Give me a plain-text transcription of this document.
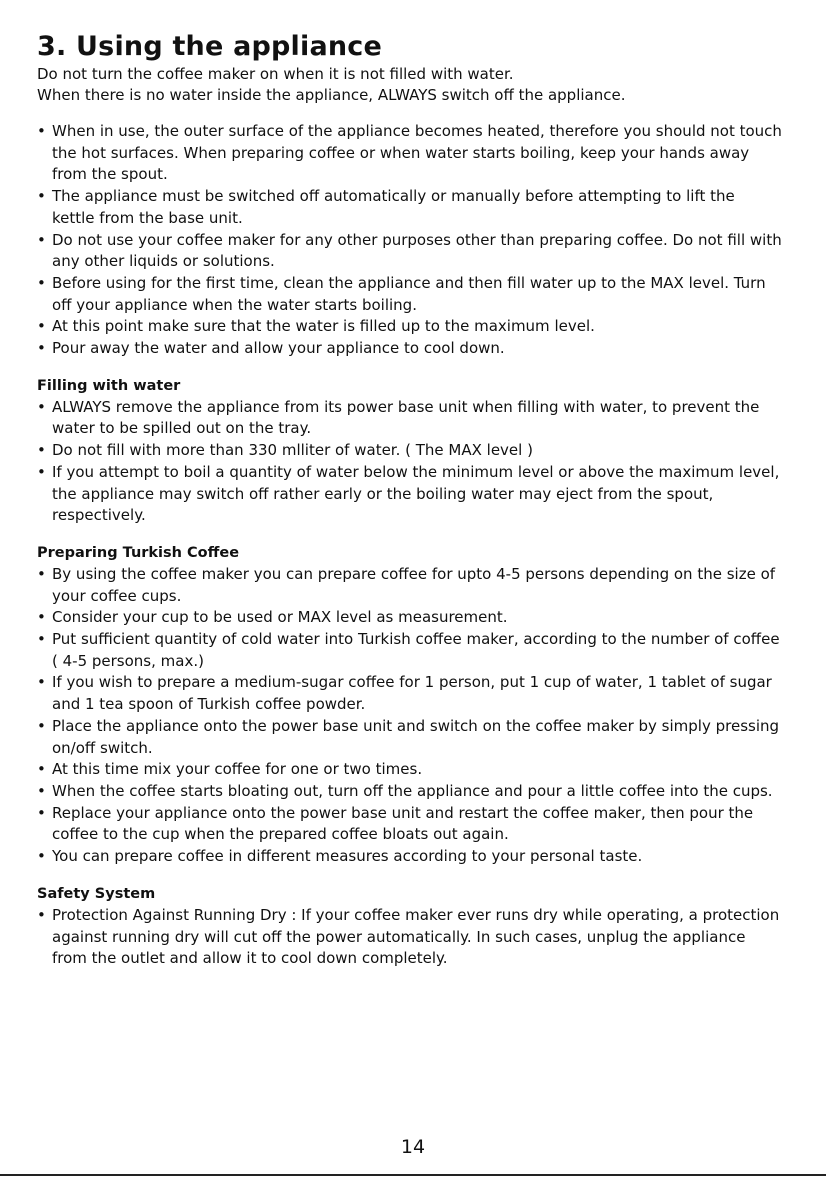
3. Using the appliance

Do not turn the coffee maker on when it is not filled with water.

When there is no water inside the appliance, ALWAYS switch off the appliance.

• When in use, the outer surface of the appliance becomes heated, therefore you should not touch the hot surfaces. When preparing coffee or when water starts boiling, keep your hands away from the spout.
• The appliance must be switched off automatically or manually before attempting to lift the kettle from the base unit.
• Do not use your coffee maker for any other purposes other than preparing coffee. Do not fill with any other liquids or solutions.
• Before using for the first time, clean the appliance and then fill water up to the MAX level. Turn off your appliance when the water starts boiling.
• At this point make sure that the water is filled up to the maximum level.
• Pour away the water and allow your appliance to cool down.
Filling with water
• ALWAYS remove the appliance from its power base unit when filling with water, to prevent the water to be spilled out on the tray.
• Do not fill with more than 330 mlliter of water. ( The MAX level )
• If you attempt to boil a quantity of water below the minimum level or above the maximum level, the appliance may switch off rather early or the boiling water may eject from the spout, respectively.
Preparing Turkish Coffee
• By using the coffee maker you can prepare coffee for upto 4-5 persons depending on the size of your coffee cups.
• Consider your cup to be used or MAX level as measurement.
• Put sufficient quantity of cold water into Turkish coffee maker, according to the number of coffee ( 4-5 persons, max.)
• If you wish to prepare a medium-sugar coffee for 1 person, put 1 cup of water, 1 tablet of sugar and 1 tea spoon of Turkish coffee powder.
• Place the appliance onto the power base unit and switch on the coffee maker by simply pressing on/off switch.
• At this time mix your coffee for one or two times.
• When the coffee starts bloating out, turn off the appliance and pour a little coffee into the cups.
• Replace your appliance onto the power base unit and restart the coffee maker, then pour the coffee to the cup when the prepared coffee bloats out again.
• You can prepare coffee in different measures according to your personal taste.
Safety System
• Protection Against Running Dry : If your coffee maker ever runs dry while operating, a protection against running dry will cut off the power automatically. In such cases, unplug the appliance from the outlet and allow it to cool down completely.
14
